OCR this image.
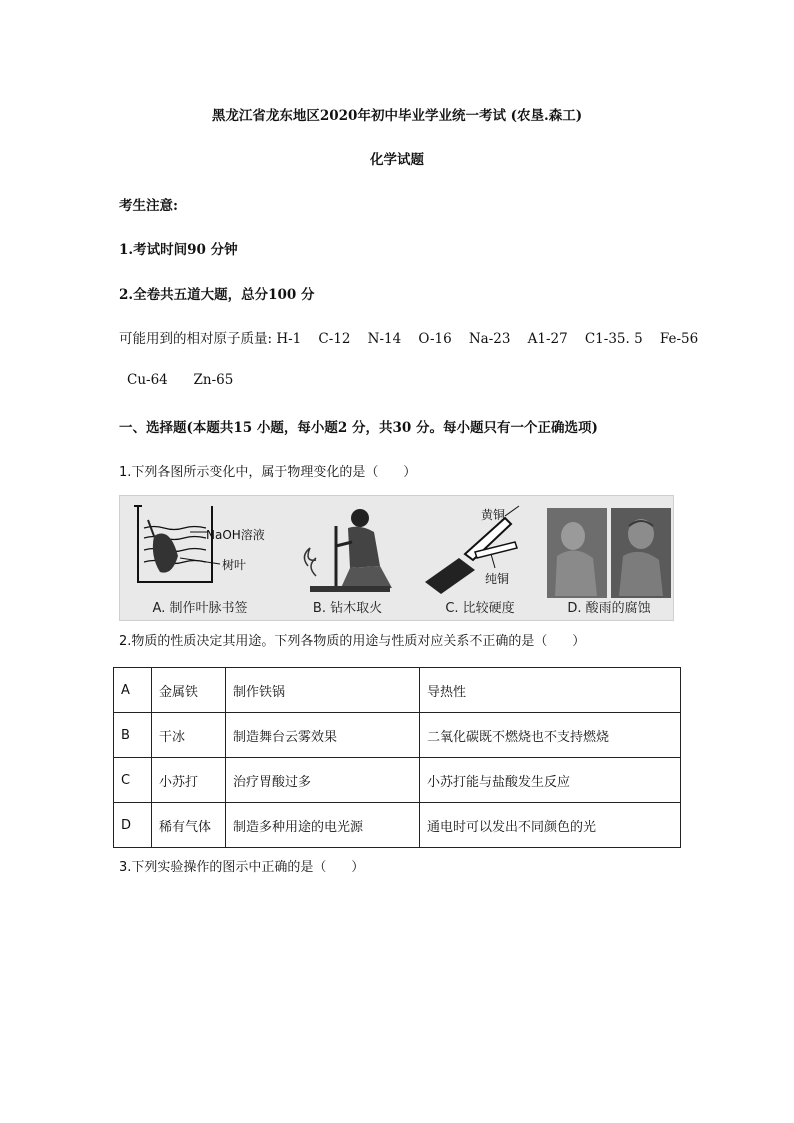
黑龙江省龙东地区2020年初中毕业学业统一考试 (农垦.森工)
化学试题
考生注意:
1.考试时间90 分钟
2.全卷共五道大题，总分100 分
可能用到的相对原子质量: H-1    C-12    N-14    O-16    Na-23    A1-27    C1-35. 5    Fe-56
Cu-64      Zn-65
一、选择题(本题共15 小题，每小题2 分，共30 分。每小题只有一个正确选项)
1.下列各图所示变化中，属于物理变化的是（      ）
NaOH溶液
树叶
A. 制作叶脉书签	B. 钻木取火
黄铜
纯铜
C. 比较硬度	D. 酸雨的腐蚀
2.物质的性质决定其用途。下列各物质的用途与性质对应关系不正确的是（      ）
A	金属铁	制作铁锅	导热性
B	干冰	制造舞台云雾效果	二氧化碳既不燃烧也不支持燃烧
C	小苏打	治疗胃酸过多	小苏打能与盐酸发生反应
D	稀有气体	制造多种用途的电光源	通电时可以发出不同颜色的光
3.下列实验操作的图示中正确的是（      ）
